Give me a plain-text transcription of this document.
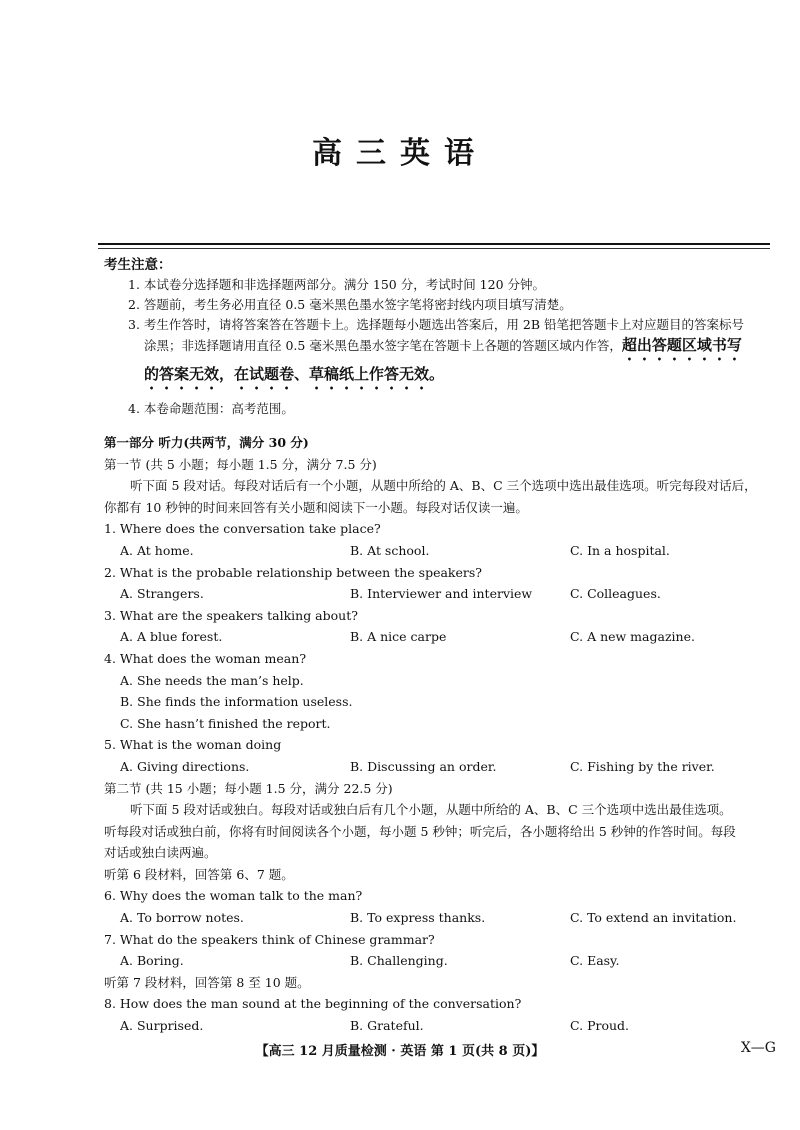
高三英语
考生注意：
1. 本试卷分选择题和非选择题两部分。满分 150 分，考试时间 120 分钟。
2. 答题前，考生务必用直径 0.5 毫米黑色墨水签字笔将密封线内项目填写清楚。
3. 考生作答时，请将答案答在答题卡上。选择题每小题选出答案后，用 2B 铅笔把答题卡上对应题目的答案标号
涂黑；非选择题请用直径 0.5 毫米黑色墨水签字笔在答题卡上各题的答题区域内作答，超出答题区域书写
的答案无效，在试题卷、草稿纸上作答无效。
4. 本卷命题范围：高考范围。
第一部分 听力(共两节，满分 30 分)
第一节 (共 5 小题；每小题 1.5 分，满分 7.5 分)
听下面 5 段对话。每段对话后有一个小题，从题中所给的 A、B、C 三个选项中选出最佳选项。听完每段对话后，
你都有 10 秒钟的时间来回答有关小题和阅读下一小题。每段对话仅读一遍。
1. Where does the conversation take place?
A. At home.	B. At school.	C. In a hospital.
2. What is the probable relationship between the speakers?
A. Strangers.	B. Interviewer and interview	C. Colleagues.
3. What are the speakers talking about?
A. A blue forest.	B. A nice carpe	C. A new magazine.
4. What does the woman mean?
A. She needs the man’s help.
B. She finds the information useless.
C. She hasn’t finished the report.
5. What is the woman doing
A. Giving directions.	B. Discussing an order.	C. Fishing by the river.
第二节 (共 15 小题；每小题 1.5 分，满分 22.5 分)
听下面 5 段对话或独白。每段对话或独白后有几个小题，从题中所给的 A、B、C 三个选项中选出最佳选项。
听每段对话或独白前，你将有时间阅读各个小题，每小题 5 秒钟；听完后，各小题将给出 5 秒钟的作答时间。每段
对话或独白读两遍。
听第 6 段材料，回答第 6、7 题。
6. Why does the woman talk to the man?
A. To borrow notes.	B. To express thanks.	C. To extend an invitation.
7. What do the speakers think of Chinese grammar?
A. Boring.	B. Challenging.	C. Easy.
听第 7 段材料，回答第 8 至 10 题。
8. How does the man sound at the beginning of the conversation?
A. Surprised.	B. Grateful.	C. Proud.
【高三 12 月质量检测 · 英语 第 1 页(共 8 页)】	X—G
